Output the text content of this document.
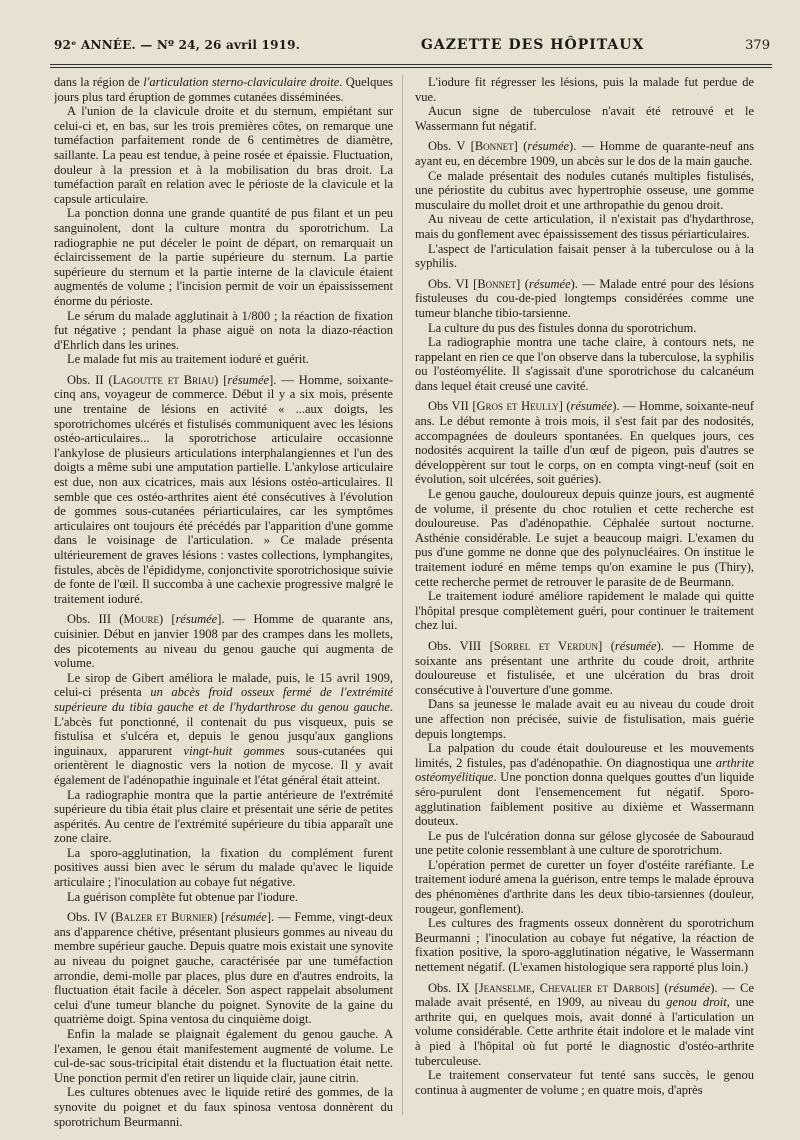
92ᵉ ANNÉE. — Nº 24, 26 avril 1919.	GAZETTE DES HÔPITAUX	379

dans la région de l'articulation sterno-claviculaire droite. Quelques jours plus tard éruption de gommes cutanées disséminées.

A l'union de la clavicule droite et du sternum, empiétant sur celui-ci et, en bas, sur les trois premières côtes, on remarque une tuméfaction parfaitement ronde de 6 centimètres de diamètre, saillante. La peau est tendue, à peine rosée et épaissie. Fluctuation, douleur à la pression et à la mobilisation du bras droit. La tuméfaction paraît en relation avec le périoste de la clavicule et la capsule articulaire.

La ponction donna une grande quantité de pus filant et un peu sanguinolent, dont la culture montra du sporotrichum. La radiographie ne put déceler le point de départ, on remarquait un éclaircissement de la partie supérieure du sternum. La partie supérieure du sternum et la partie interne de la clavicule étaient augmentés de volume ; l'incision permit de voir un épaississement énorme du périoste.

Le sérum du malade agglutinait à 1/800 ; la réaction de fixation fut négative ; pendant la phase aiguë on nota la diazo-réaction d'Ehrlich dans les urines.

Le malade fut mis au traitement ioduré et guérit.

Obs. II (Lagoutte et Briau) [résumée]. — Homme, soixante-cinq ans, voyageur de commerce. Début il y a six mois, présente une trentaine de lésions en activité « ...aux doigts, les sporotrichomes ulcérés et fistulisés communiquent avec les lésions ostéo-articulaires... la sporotrichose articulaire occasionne l'ankylose de plusieurs articulations interphalangiennes et l'un des doigts a même subi une amputation partielle. L'ankylose articulaire est due, non aux cicatrices, mais aux lésions ostéo-articulaires. Il semble que ces ostéo-arthrites aient été consécutives à l'évolution de gommes sous-cutanées périarticulaires, car les symptômes articulaires ont toujours été précédés par l'apparition d'une gomme dans le voisinage de l'articulation. » Ce malade présenta ultérieurement de graves lésions : vastes collections, lymphangites, fistules, abcès de l'épididyme, conjonctivite sporotrichosique suivie de fonte de l'œil. Il succomba à une cachexie progressive malgré le traitement ioduré.

Obs. III (Moure) [résumée]. — Homme de quarante ans, cuisinier. Début en janvier 1908 par des crampes dans les mollets, des picotements au niveau du genou gauche qui augmenta de volume.

Le sirop de Gibert améliora le malade, puis, le 15 avril 1909, celui-ci présenta un abcès froid osseux fermé de l'extrémité supérieure du tibia gauche et de l'hydarthrose du genou gauche. L'abcès fut ponctionné, il contenait du pus visqueux, puis se fistulisa et s'ulcéra et, depuis le genou jusqu'aux ganglions inguinaux, apparurent vingt-huit gommes sous-cutanées qui orientèrent le diagnostic vers la notion de mycose. Il y avait également de l'adénopathie inguinale et l'état général était atteint.

La radiographie montra que la partie antérieure de l'extrémité supérieure du tibia était plus claire et présentait une série de petites aspérités. Au centre de l'extrémité supérieure du tibia apparaît une zone claire.

La sporo-agglutination, la fixation du complément furent positives aussi bien avec le sérum du malade qu'avec le liquide articulaire ; l'inoculation au cobaye fut négative.

La guérison complète fut obtenue par l'iodure.

Obs. IV (Balzer et Burnier) [résumée]. — Femme, vingt-deux ans d'apparence chétive, présentant plusieurs gommes au niveau du membre supérieur gauche. Depuis quatre mois existait une synovite au niveau du poignet gauche, caractérisée par une tuméfaction arrondie, demi-molle par places, plus dure en d'autres endroits, la fluctuation était facile à déceler. Son aspect rappelait absolument celui d'une tumeur blanche du poignet. Synovite de la gaine du quatrième doigt. Spina ventosa du cinquième doigt.

Enfin la malade se plaignait également du genou gauche. A l'examen, le genou était manifestement augmenté de volume. Le cul-de-sac sous-tricipital était distendu et la fluctuation était nette. Une ponction permit d'en retirer un liquide clair, jaune citrin.

Les cultures obtenues avec le liquide retiré des gommes, de la synovite du poignet et du faux spinosa ventosa donnèrent du sporotrichum Beurmanni.

L'iodure fit régresser les lésions, puis la malade fut perdue de vue.

Aucun signe de tuberculose n'avait été retrouvé et le Wassermann fut négatif.

Obs. V [Bonnet] (résumée). — Homme de quarante-neuf ans ayant eu, en décembre 1909, un abcès sur le dos de la main gauche.

Ce malade présentait des nodules cutanés multiples fistulisés, une périostite du cubitus avec hypertrophie osseuse, une gomme musculaire du mollet droit et une arthropathie du genou droit.

Au niveau de cette articulation, il n'existait pas d'hydarthrose, mais du gonflement avec épaississement des tissus périarticulaires.

L'aspect de l'articulation faisait penser à la tuberculose ou à la syphilis.

Obs. VI [Bonnet] (résumée). — Malade entré pour des lésions fistuleuses du cou-de-pied longtemps considérées comme une tumeur blanche tibio-tarsienne.

La culture du pus des fistules donna du sporotrichum.

La radiographie montra une tache claire, à contours nets, ne rappelant en rien ce que l'on observe dans la tuberculose, la syphilis ou l'ostéomyélite. Il s'agissait d'une sporotrichose du calcanéum dans lequel était creusé une cavité.

Obs VII [Gros et Heully] (résumée). — Homme, soixante-neuf ans. Le début remonte à trois mois, il s'est fait par des nodosités, accompagnées de douleurs spontanées. En quelques jours, ces nodosités acquirent la taille d'un œuf de pigeon, puis d'autres se développèrent sur tout le corps, on en compta vingt-neuf (soit en évolution, soit ulcérées, soit guéries).

Le genou gauche, douloureux depuis quinze jours, est augmenté de volume, il présente du choc rotulien et cette recherche est douloureuse. Pas d'adénopathie. Céphalée surtout nocturne. Asthénie considérable. Le sujet a beaucoup maigri. L'examen du pus d'une gomme ne donne que des polynucléaires. On institue le traitement ioduré en même temps qu'on examine le pus (Thiry), cette recherche permet de retrouver le parasite de de Beurmann.

Le traitement ioduré améliore rapidement le malade qui quitte l'hôpital presque complètement guéri, pour continuer le traitement chez lui.

Obs. VIII [Sorrel et Verdun] (résumée). — Homme de soixante ans présentant une arthrite du coude droit, arthrite douloureuse et fistulisée, et une ulcération du bras droit consécutive à l'ouverture d'une gomme.

Dans sa jeunesse le malade avait eu au niveau du coude droit une affection non précisée, suivie de fistulisation, mais guérie depuis longtemps.

La palpation du coude était douloureuse et les mouvements limités, 2 fistules, pas d'adénopathie. On diagnostiqua une arthrite ostéomyélitique. Une ponction donna quelques gouttes d'un liquide séro-purulent dont l'ensemencement fut négatif. Sporo-agglutination faiblement positive au dixième et Wassermann douteux.

Le pus de l'ulcération donna sur gélose glycosée de Sabouraud une petite colonie ressemblant à une culture de sporotrichum.

L'opération permet de curetter un foyer d'ostéite raréfiante. Le traitement ioduré amena la guérison, entre temps le malade éprouva des phénomènes d'arthrite dans les deux tibio-tarsiennes (douleur, rougeur, gonflement).

Les cultures des fragments osseux donnèrent du sporotrichum Beurmanni ; l'inoculation au cobaye fut négative, la réaction de fixation positive, la sporo-agglutination négative, le Wassermann nettement négatif. (L'examen histologique sera rapporté plus loin.)

Obs. IX [Jeanselme, Chevalier et Darbois] (résumée). — Ce malade avait présenté, en 1909, au niveau du genou droit, une arthrite qui, en quelques mois, avait donné à l'articulation un volume considérable. Cette arthrite était indolore et le malade vint à pied à l'hôpital où fut porté le diagnostic d'ostéo-arthrite tuberculeuse.

Le traitement conservateur fut tenté sans succès, le genou continua à augmenter de volume ; en quatre mois, d'après
